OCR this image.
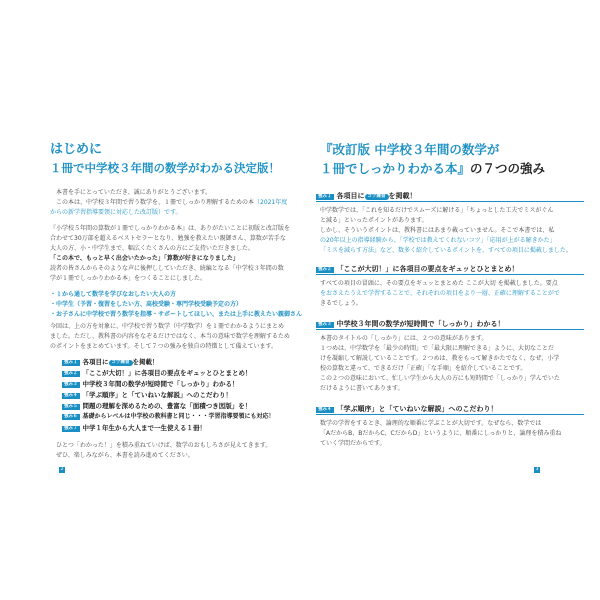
はじめに
１冊で中学校３年間の数学がわかる決定版！
本書を手にとっていただき、誠にありがとうございます。
この本は、中学校３年間で習う数学を、１冊でしっかり理解するための本（2021年度
からの新学習指導要領に対応した改訂版）です。
『小学校５年間の算数が１冊でしっかりわかる本』は、ありがたいことに初版と改訂版を
合わせて30万部を超えるベストセラーとなり、勉強を教えたい親御さん、算数が苦手な
大人の方、小・中学生まで、幅広くたくさんの方にご支持いただきました。
「この本で、もっと早く出会いたかった」「算数が好きになりました」
読者の皆さんからそのような声に後押ししていただき、続編となる「中学校３年間の数
学が１冊でしっかりわかる本」をつくることにしました。
・１から通して数学を学びなおしたい大人の方
・中学生（予習・復習をしたい方、高校受験・専門学校受験予定の方）
・お子さんに中学校で習う数学を指導・サポートしてほしい、または上手に教えたい親御さん
今回は、上の方を対象に、中学校で習う数学（中学数学）を１冊でわかるようにまとめ
ました。ただし、教科書の内容をなぞるだけではなく、本当の意味で数学を理解するため
のポイントをまとめています。そして７つの強みを独自の特徴として備えています。
強み１ 各項目に コツ練習 を掲載！
強み２ 「ここが大切！」に各項目の要点をギュッとひとまとめ！
強み３ 中学校３年間の数学が短時間で「しっかり」わかる！
強み４ 「学ぶ順序」と「ていねいな解説」へのこだわり！
強み５ 問題の理解を深めるための、豊富な「面積つき図版」を！
強み６ 基礎からレベルは中学校の教科書と同じ・・・学習指導要領にも対応！
強み７ 中学１年生から大人まで一生使える１冊！
ひとつ「わかった！」を積み重ねていけば、数学のおもしろさが見えてきます。
ぜひ、楽しみながら、本書を読み進めてください。
2
『改訂版 中学校３年間の数学が
１冊でしっかりわかる本』の７つの強み
強み１ 各項目に コツ練習 を掲載！
中学数学では、「これを知るだけでスムーズに解ける」「ちょっとした工夫でミスがぐん
と減る」といったポイントがあります。
しかし、そういうポイントは、教科書にはあまり載っていません。そこで本書では、私
の20年以上の指導経験から、「学校では教えてくれないコツ」「応用が上がる解きかた」
「ミスを減らす方法」など、数多く紹介しているポイントを、すべての項目に掲載しました。
強み２ 「ここが大切！」に各項目の要点をギュッとひとまとめ！
すべての項目の冒頭に、その要点をギュッとまとめた ここが大切 を掲載しました。要点
をおさえたうえで学習することで、それぞれの項目をより一層、正確に理解することがで
きるでしょう。
強み３ 中学校３年間の数学が短時間で「しっかり」わかる！
本書のタイトルの「しっかり」には、２つの意味があります。
１つめは、中学数学を「最少の時間」で「最大限に理解できる」ように、大切なことだ
けを凝縮して解説していることです。２つめは、教をもって解きかたでなく、なぜ、小学
校の算数と違って、できるだけ「正確」「な手順」を紹介していることです。
この２つの意味において、忙しい学生から大人の方にも短時間で「しっかり」学んでいた
だけるように書いてあります。
強み４ 「学ぶ順序」と「ていねいな解説」へのこだわり！
数学の学習をするとき、論理的な順番に学ぶことが大切です。なぜなら、数学では
「AだからB、BだからC、CだからD」というように、順番にしっかりと、論理を積み重ね
ていく学問だからです。
3
